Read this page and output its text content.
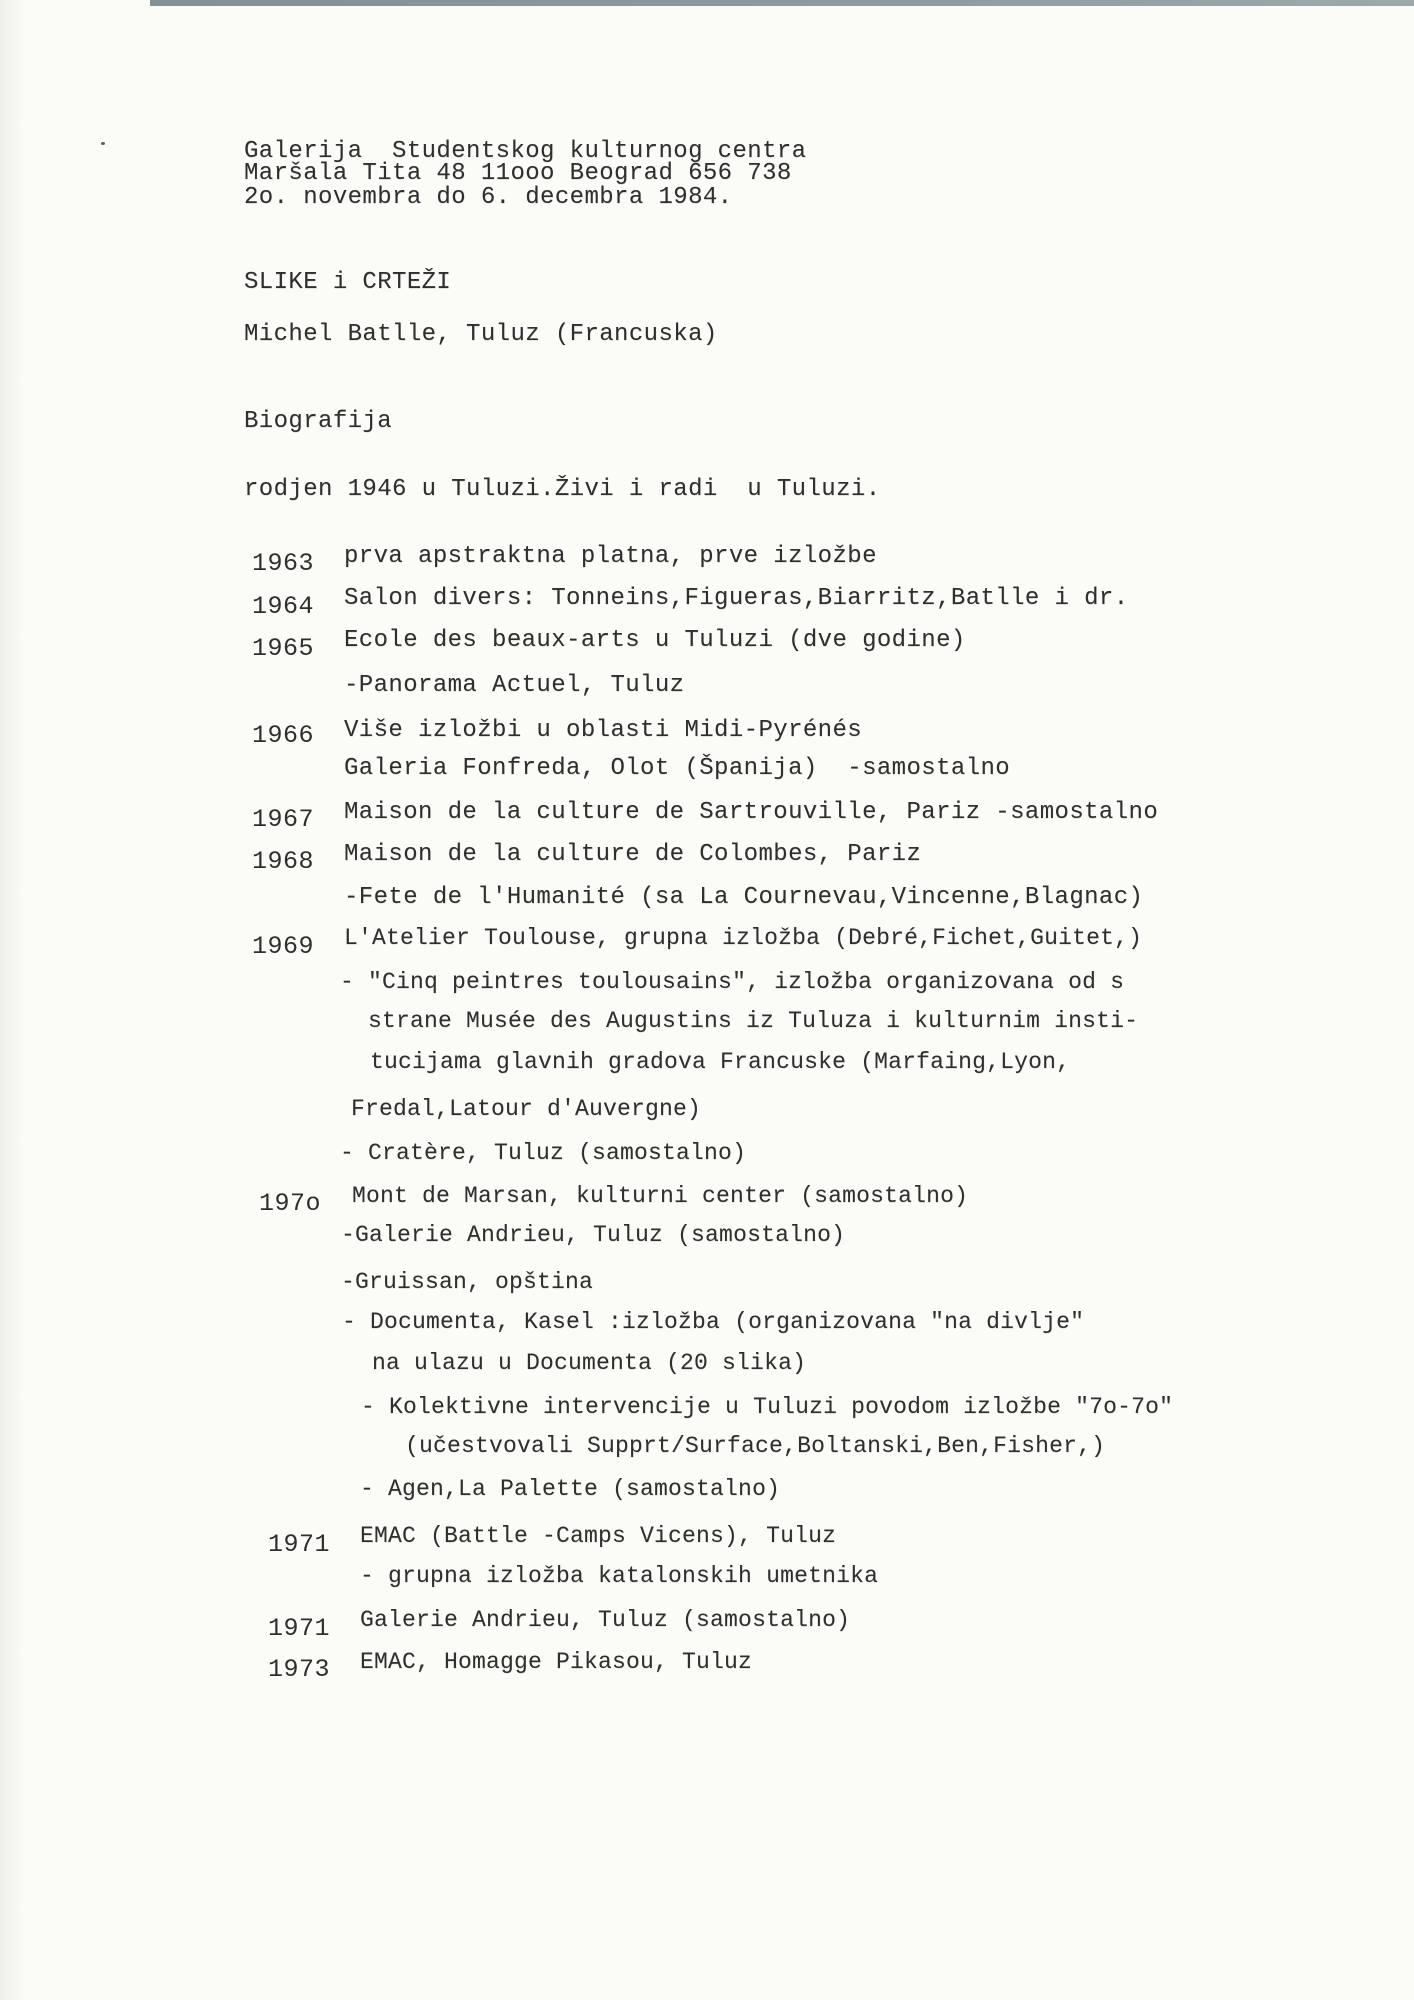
Galerija  Studentskog kulturnog centra
Maršala Tita 48 11ooo Beograd 656 738
2o. novembra do 6. decembra 1984.
SLIKE i CRTEŽI
Michel Batlle, Tuluz (Francuska)
Biografija
rodjen 1946 u Tuluzi.Živi i radi  u Tuluzi.
1963 prva apstraktna platna, prve izložbe
1964 Salon divers: Tonneins,Figueras,Biarritz,Batlle i dr.
1965 Ecole des beaux-arts u Tuluzi (dve godine)
-Panorama Actuel, Tuluz
1966 Više izložbi u oblasti Midi-Pyrénés
Galeria Fonfreda, Olot (Španija)  -samostalno
1967 Maison de la culture de Sartrouville, Pariz -samostalno
1968 Maison de la culture de Colombes, Pariz
-Fete de l'Humanité (sa La Cournevau,Vincenne,Blagnac)
1969 L'Atelier Toulouse, grupna izložba (Debré,Fichet,Guitet,)
- "Cinq peintres toulousains", izložba organizovana od s
strane Musée des Augustins iz Tuluza i kulturnim insti-
tucijama glavnih gradova Francuske (Marfaing,Lyon,
Fredal,Latour d'Auvergne)
- Cratère, Tuluz (samostalno)
197o Mont de Marsan, kulturni center (samostalno)
-Galerie Andrieu, Tuluz (samostalno)
-Gruissan, opština
- Documenta, Kasel :izložba (organizovana "na divlje"
na ulazu u Documenta (20 slika)
- Kolektivne intervencije u Tuluzi povodom izložbe "7o-7o"
(učestvovali Supprt/Surface,Boltanski,Ben,Fisher,)
- Agen,La Palette (samostalno)
1971 EMAC (Battle -Camps Vicens), Tuluz
- grupna izložba katalonskih umetnika
1971 Galerie Andrieu, Tuluz (samostalno)
1973 EMAC, Homagge Pikasou, Tuluz
